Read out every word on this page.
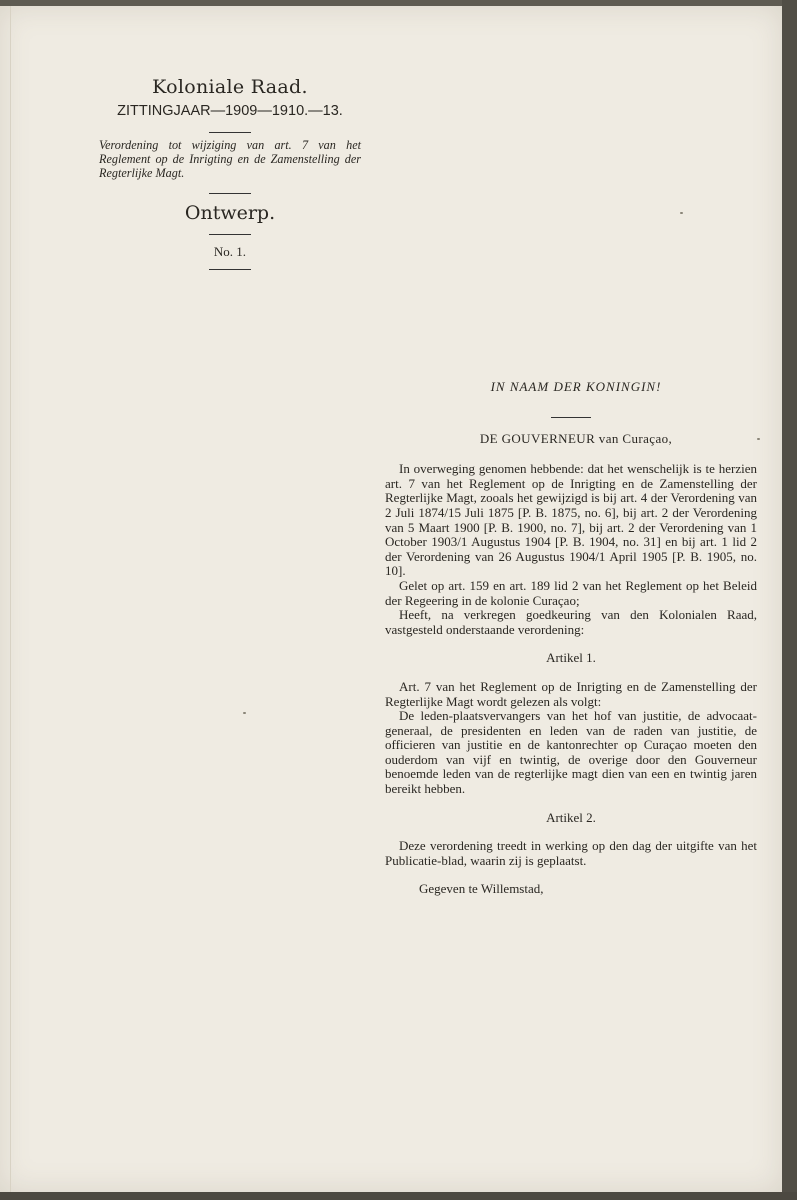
Koloniale Raad.

ZITTINGJAAR—1909—1910.—13.

Verordening tot wijziging van art. 7 van het Reglement op de Inrigting en de Zamenstelling der Regterlijke Magt.

Ontwerp.

No. 1.

IN NAAM DER KONINGIN!

DE GOUVERNEUR van Curaçao,

In overweging genomen hebbende: dat het wenschelijk is te herzien art. 7 van het Reglement op de Inrigting en de Zamenstelling der Regterlijke Magt, zooals het gewijzigd is bij art. 4 der Verordening van 2 Juli 1874/15 Juli 1875 [P. B. 1875, no. 6], bij art. 2 der Verordening van 5 Maart 1900 [P. B. 1900, no. 7], bij art. 2 der Verordening van 1 October 1903/1 Augustus 1904 [P. B. 1904, no. 31] en bij art. 1 lid 2 der Verordening van 26 Augustus 1904/1 April 1905 [P. B. 1905, no. 10].

Gelet op art. 159 en art. 189 lid 2 van het Reglement op het Beleid der Regeering in de kolonie Curaçao;

Heeft, na verkregen goedkeuring van den Kolonialen Raad, vastgesteld onderstaande verordening:

Artikel 1.

Art. 7 van het Reglement op de Inrigting en de Zamenstelling der Regterlijke Magt wordt gelezen als volgt:

De leden-plaatsvervangers van het hof van justitie, de advocaat-generaal, de presidenten en leden van de raden van justitie, de officieren van justitie en de kantonrechter op Curaçao moeten den ouderdom van vijf en twintig, de overige door den Gouverneur benoemde leden van de regterlijke magt dien van een en twintig jaren bereikt hebben.

Artikel 2.

Deze verordening treedt in werking op den dag der uitgifte van het Publicatie-blad, waarin zij is geplaatst.

Gegeven te Willemstad,
